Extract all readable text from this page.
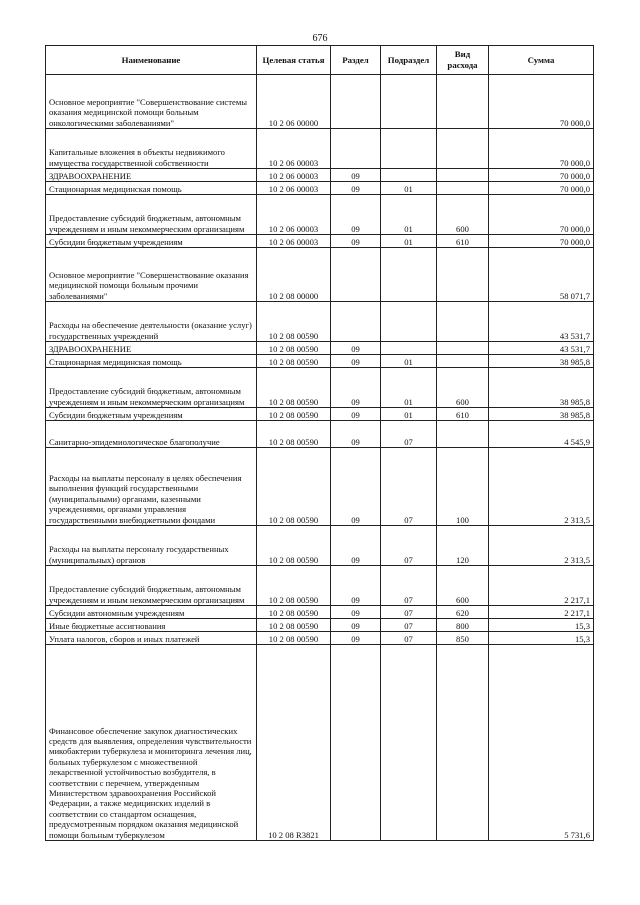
676
Наименование	Целевая статья	Раздел	Подраздел	Вид расхода	Сумма
Основное мероприятие "Совершенствование системы оказания медицинской помощи больным онкологическими заболеваниями"	10 2 06 00000				70 000,0
Капитальные вложения в объекты недвижимого имущества государственной собственности	10 2 06 00003				70 000,0
ЗДРАВООХРАНЕНИЕ	10 2 06 00003	09			70 000,0
Стационарная медицинская помощь	10 2 06 00003	09	01		70 000,0
Предоставление субсидий бюджетным, автономным учреждениям и иным некоммерческим организациям	10 2 06 00003	09	01	600	70 000,0
Субсидии бюджетным учреждениям	10 2 06 00003	09	01	610	70 000,0
Основное мероприятие "Совершенствование оказания медицинской помощи больным прочими заболеваниями"	10 2 08 00000				58 071,7
Расходы на обеспечение деятельности (оказание услуг) государственных учреждений	10 2 08 00590				43 531,7
ЗДРАВООХРАНЕНИЕ	10 2 08 00590	09			43 531,7
Стационарная медицинская помощь	10 2 08 00590	09	01		38 985,8
Предоставление субсидий бюджетным, автономным учреждениям и иным некоммерческим организациям	10 2 08 00590	09	01	600	38 985,8
Субсидии бюджетным учреждениям	10 2 08 00590	09	01	610	38 985,8
Санитарно-эпидемиологическое благополучие	10 2 08 00590	09	07		4 545,9
Расходы на выплаты персоналу в целях обеспечения выполнения функций государственными (муниципальными) органами, казенными учреждениями, органами управления государственными внебюджетными фондами	10 2 08 00590	09	07	100	2 313,5
Расходы на выплаты персоналу государственных (муниципальных) органов	10 2 08 00590	09	07	120	2 313,5
Предоставление субсидий бюджетным, автономным учреждениям и иным некоммерческим организациям	10 2 08 00590	09	07	600	2 217,1
Субсидии автономным учреждениям	10 2 08 00590	09	07	620	2 217,1
Иные бюджетные ассигнования	10 2 08 00590	09	07	800	15,3
Уплата налогов, сборов и иных платежей	10 2 08 00590	09	07	850	15,3
Финансовое обеспечение закупок диагностических средств для выявления, определения чувствительности микобактерии туберкулеза и мониторинга лечения лиц, больных туберкулезом с множественной лекарственной устойчивостью возбудителя, в соответствии с перечнем, утвержденным Министерством здравоохранения Российской Федерации, а также медицинских изделий в соответствии со стандартом оснащения, предусмотренным порядком оказания медицинской помощи больным туберкулезом	10 2 08 R3821				5 731,6
